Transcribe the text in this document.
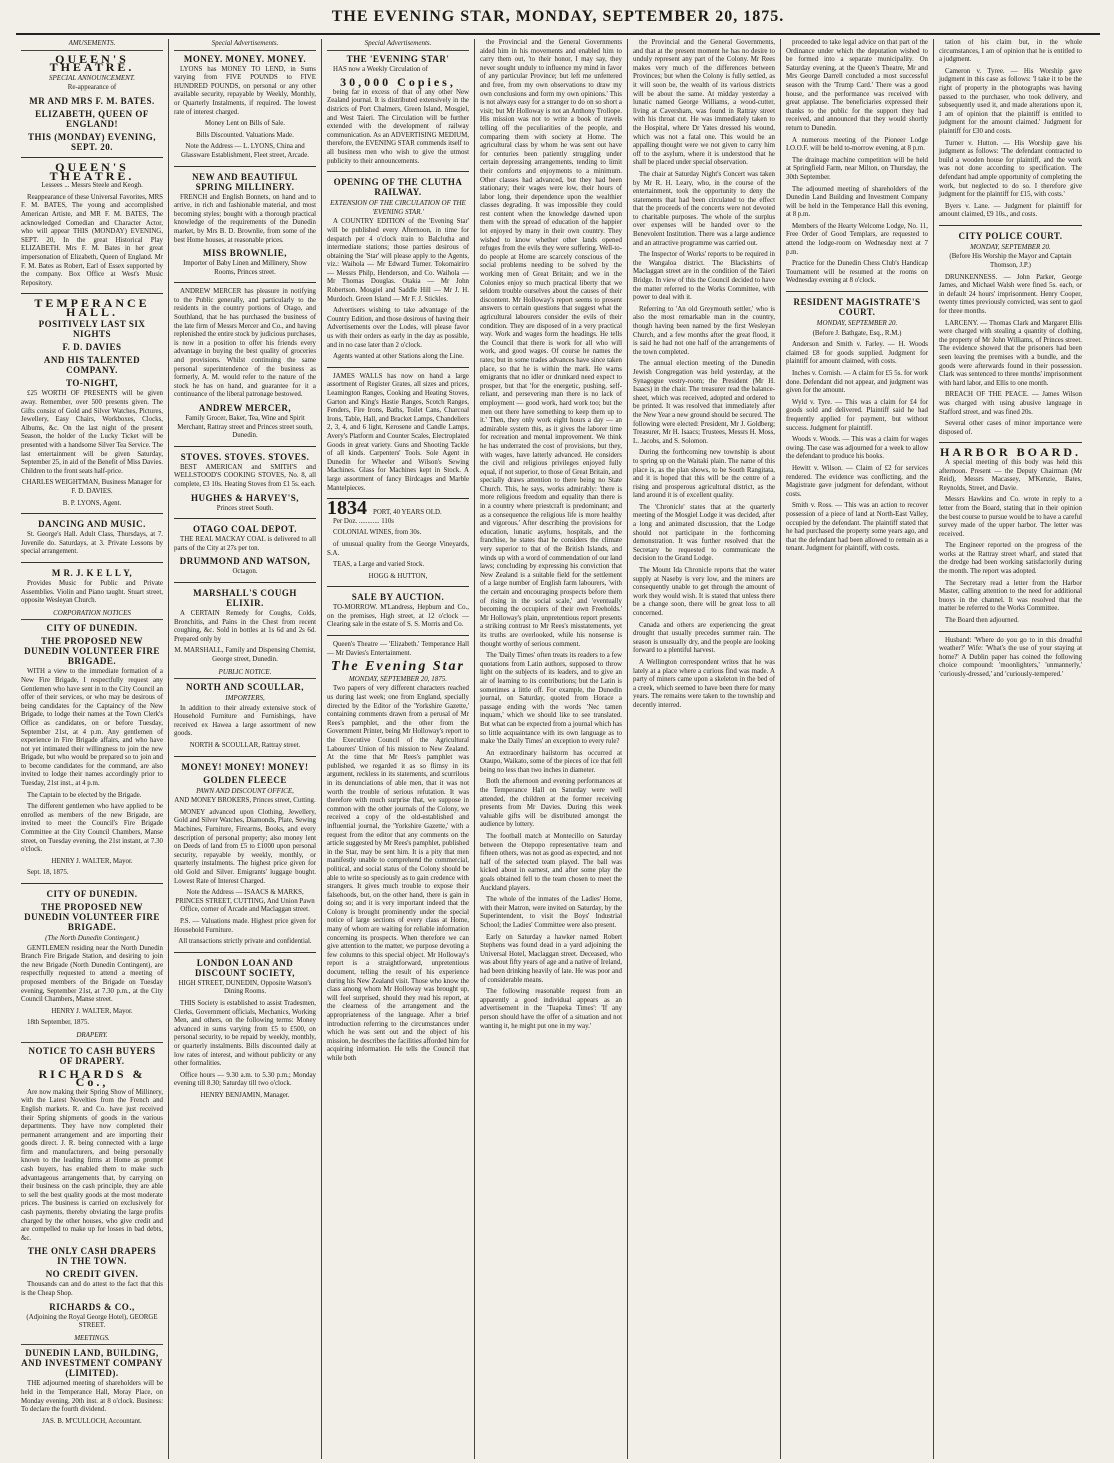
THE EVENING STAR, MONDAY, SEPTEMBER 20, 1875.
AMUSEMENTS.
QUEEN'S THEATRE.
SPECIAL ANNOUNCEMENT.

Re-appearance of

MR AND MRS F. M. BATES.
ELIZABETH, QUEEN OF ENGLAND!
THIS (MONDAY) EVENING, SEPT. 20.
QUEEN'S THEATRE.

Lessees ... Messrs Steele and Keogh.

Reappearance of these Universal Favorites, MRS F. M. BATES, The young and accomplished American Artiste, and MR F. M. BATES, The acknowledged Comedian and Character Actor, who will appear THIS (MONDAY) EVENING, SEPT. 20, In the great Historical Play ELIZABETH. Mrs F. M. Bates in her great impersonation of Elizabeth, Queen of England. Mr F. M. Bates as Robert, Earl of Essex supported by the company. Box Office at West's Music Repository.

TEMPERANCE HALL.
POSITIVELY LAST SIX NIGHTS
F. D. DAVIES
AND HIS TALENTED COMPANY.
TO-NIGHT,

£25 WORTH OF PRESENTS will be given away. Remember, over 500 presents given. The Gifts consist of Gold and Silver Watches, Pictures, Jewellery, Easy Chairs, Workboxes, Clocks, Albums, &c. On the last night of the present Season, the holder of the Lucky Ticket will be presented with a handsome Silver Tea Service. The last entertainment will be given Saturday, September 25, in aid of the Benefit of Miss Davies. Children to the front seats half-price.

CHARLES WEIGHTMAN, Business Manager for F. D. DAVIES.

B. P. LYONS, Agent.

DANCING AND MUSIC.

St. George's Hall. Adult Class, Thursdays, at 7. Juvenile do. Saturdays, at 3. Private Lessons by special arrangement.

M R. J. K E L L Y,

Provides Music for Public and Private Assemblies. Violin and Piano taught. Stuart street, opposite Wesleyan Church.

CORPORATION NOTICES
CITY OF DUNEDIN.
THE PROPOSED NEW DUNEDIN VOLUNTEER FIRE BRIGADE.

WITH a view to the immediate formation of a New Fire Brigade, I respectfully request any Gentlemen who have sent in to the City Council an offer of their services, or who may be desirous of being candidates for the Captaincy of the New Brigade, to lodge their names at the Town Clerk's Office as candidates, on or before Tuesday, September 21st, at 4 p.m. Any gentlemen of experience in Fire Brigade affairs, and who have not yet intimated their willingness to join the new Brigade, but who would be prepared so to join and to become candidates for the command, are also invited to lodge their names accordingly prior to Tuesday, 21st inst., at 4 p.m.

The Captain to be elected by the Brigade.

The different gentlemen who have applied to be enrolled as members of the new Brigade, are invited to meet the Council's Fire Brigade Committee at the City Council Chambers, Manse street, on Tuesday evening, the 21st instant, at 7.30 o'clock.

HENRY J. WALTER, Mayor.

Sept. 18, 1875.

CITY OF DUNEDIN.
THE PROPOSED NEW DUNEDIN VOLUNTEER FIRE BRIGADE.
(The North Dunedin Contingent.)

GENTLEMEN residing near the North Dunedin Branch Fire Brigade Station, and desiring to join the new Brigade (North Dunedin Contingent), are respectfully requested to attend a meeting of proposed members of the Brigade on Tuesday evening, September 21st, at 7.30 p.m., at the City Council Chambers, Manse street.

HENRY J. WALTER, Mayor.

18th September, 1875.

DRAPERY.
NOTICE TO CASH BUYERS OF DRAPERY.
RICHARDS & Co.,

Are now making their Spring Show of Millinery, with the Latest Novelties from the French and English markets. R. and Co. have just received their Spring shipments of goods in the various departments. They have now completed their permanent arrangement and are importing their goods direct. J. R. being connected with a large firm and manufacturers, and being personally known to the leading firms at Home as prompt cash buyers, has enabled them to make such advantageous arrangements that, by carrying on their business on the cash principle, they are able to sell the best quality goods at the most moderate prices. The business is carried on exclusively for cash payments, thereby obviating the large profits charged by the other houses, who give credit and are compelled to make up for losses in bad debts, &c.

THE ONLY CASH DRAPERS IN THE TOWN.
NO CREDIT GIVEN.

Thousands can and do attest to the fact that this is the Cheap Shop.

RICHARDS & CO.,

(Adjoining the Royal George Hotel), GEORGE STREET.

MEETINGS.
DUNEDIN LAND, BUILDING, AND INVESTMENT COMPANY (LIMITED).

THE adjourned meeting of shareholders will be held in the Temperance Hall, Moray Place, on Monday evening, 20th inst. at 8 o'clock. Business: To declare the fourth dividend.

JAS. B. M'CULLOCH, Accountant.

Special Advertisements.
MONEY. MONEY. MONEY.

LYONS has MONEY TO LEND, in Sums varying from FIVE POUNDS to FIVE HUNDRED POUNDS, on personal or any other available security, repayable by Weekly, Monthly, or Quarterly Instalments, if required. The lowest rate of interest charged.

Money Lent on Bills of Sale.

Bills Discounted. Valuations Made.

Note the Address — L. LYONS, China and Glassware Establishment, Fleet street, Arcade.

NEW AND BEAUTIFUL SPRING MILLINERY.

FRENCH and English Bonnets, on hand and to arrive, in rich and fashionable material, and most becoming styles; bought with a thorough practical knowledge of the requirements of the Dunedin market, by Mrs B. D. Brownlie, from some of the best Home houses, at reasonable prices.

MISS BROWNLIE,

Importer of Baby Linen and Millinery, Show Rooms, Princes street.

ANDREW MERCER has pleasure in notifying to the Public generally, and particularly to the residents in the country portions of Otago, and Southland, that he has purchased the business of the late firm of Messrs Mercer and Co., and having replenished the entire stock by judicious purchases, is now in a position to offer his friends every advantage in buying the best quality of groceries and provisions. Whilst continuing the same personal superintendence of the business as formerly, A. M. would refer to the nature of the stock he has on hand, and guarantee for it a continuance of the liberal patronage bestowed.

ANDREW MERCER,

Family Grocer, Baker, Tea, Wine and Spirit Merchant, Rattray street and Princes street south, Dunedin.

STOVES. STOVES. STOVES.

BEST AMERICAN and SMITH'S and WELLSTOOD'S COOKING STOVES, No. 8, all complete, £3 10s. Heating Stoves from £1 5s. each.

HUGHES & HARVEY'S,

Princes street South.

OTAGO COAL DEPOT.

THE REAL MACKAY COAL is delivered to all parts of the City at 27s per ton.

DRUMMOND AND WATSON,

Octagon.

MARSHALL'S COUGH ELIXIR.

A CERTAIN Remedy for Coughs, Colds, Bronchitis, and Pains in the Chest from recent coughing, &c. Sold in bottles at 1s 6d and 2s 6d. Prepared only by

M. MARSHALL, Family and Dispensing Chemist, George street, Dunedin.

PUBLIC NOTICE.
NORTH AND SCOULLAR,
IMPORTERS,

In addition to their already extensive stock of Household Furniture and Furnishings, have received ex Hawea a large assortment of new goods.

NORTH & SCOULLAR, Rattray street.

MONEY! MONEY! MONEY!
GOLDEN FLEECE
PAWN AND DISCOUNT OFFICE,

AND MONEY BROKERS, Princes street, Cutting.

MONEY advanced upon Clothing, Jewellery, Gold and Silver Watches, Diamonds, Plate, Sewing Machines, Furniture, Firearms, Books, and every description of personal property; also money lent on Deeds of land from £5 to £1000 upon personal security, repayable by weekly, monthly, or quarterly instalments. The highest price given for old Gold and Silver. Emigrants' luggage bought. Lowest Rate of Interest Charged.

Note the Address — ISAACS & MARKS, PRINCES STREET, CUTTING, And Union Pawn Office, corner of Arcade and Maclaggan street.

P.S. — Valuations made. Highest price given for Household Furniture.

All transactions strictly private and confidential.

LONDON LOAN AND DISCOUNT SOCIETY,

HIGH STREET, DUNEDIN, Opposite Watson's Dining Rooms.

THIS Society is established to assist Tradesmen, Clerks, Government officials, Mechanics, Working Men, and others, on the following terms: Money advanced in sums varying from £5 to £500, on personal security, to be repaid by weekly, monthly, or quarterly instalments. Bills discounted daily at low rates of interest, and without publicity or any other formalities.

Office hours — 9.30 a.m. to 5.30 p.m.; Monday evening till 8.30; Saturday till two o'clock.

HENRY BENJAMIN, Manager.

Special Advertisements.
THE 'EVENING STAR'

HAS now a Weekly Circulation of

30,000 Copies,

being far in excess of that of any other New Zealand journal. It is distributed extensively in the districts of Port Chalmers, Green Island, Mosgiel, and West Taieri. The Circulation will be further extended with the development of railway communication. As an ADVERTISING MEDIUM, therefore, the EVENING STAR commends itself to all business men who wish to give the utmost publicity to their announcements.

OPENING OF THE CLUTHA RAILWAY.
EXTENSION OF THE CIRCULATION OF THE 'EVENING STAR.'

A COUNTRY EDITION of the 'Evening Star' will be published every Afternoon, in time for despatch per 4 o'clock train to Balclutha and intermediate stations; those parties desirous of obtaining the 'Star' will please apply to the Agents, viz.: Waihola — Mr Edward Turner. Tokomairiro — Messrs Philp, Henderson, and Co. Waihola — Mr Thomas Douglas. Otakia — Mr John Robertson. Mosgiel and Saddle Hill — Mr J. H. Murdoch. Green Island — Mr F. J. Stickles.

Advertisers wishing to take advantage of the Country Edition, and those desirous of having their Advertisements over the Lodes, will please favor us with their orders as early in the day as possible, and in no case later than 2 o'clock.

Agents wanted at other Stations along the Line.

JAMES WALLS has now on hand a large assortment of Register Grates, all sizes and prices, Leamington Ranges, Cooking and Heating Stoves, Garton and King's Hastie Ranges, Scotch Ranges, Fenders, Fire Irons, Baths, Toilet Cans, Charcoal Irons, Table, Hall, and Bracket Lamps, Chandeliers 2, 3, 4, and 6 light, Kerosene and Candle Lamps, Avery's Platform and Counter Scales, Electroplated Goods in great variety. Guns and Shooting Tackle of all kinds. Carpenters' Tools. Sole Agent in Dunedin for Wheeler and Wilson's Sewing Machines. Glass for Machines kept in Stock. A large assortment of fancy Birdcages and Marble Mantelpieces.

1834 PORT, 40 YEARS OLD.

Per Doz. ............ 110s

COLONIAL WINES, from 30s.

of unusual quality from the George Vineyards, S.A.

TEAS, a Large and varied Stock.

HOGG & HUTTON,

SALE BY AUCTION.

TO-MORROW. M'Landress, Hepburn and Co., on the premises, High street, at 12 o'clock — Clearing sale in the estate of S. S. Morris and Co.

Queen's Theatre — 'Elizabeth.' Temperance Hall — Mr Davies's Entertainment.

The Evening Star
MONDAY, SEPTEMBER 20, 1875.

Two papers of very different characters reached us during last week; one from England, specially directed by the Editor of the 'Yorkshire Gazette,' containing comments drawn from a perusal of Mr Rees's pamphlet, and the other from the Government Printer, being Mr Holloway's report to the Executive Council of the Agricultural Labourers' Union of his mission to New Zealand. At the time that Mr Rees's pamphlet was published, we regarded it as so flimsy in its argument, reckless in its statements, and scurrilous in its denunciations of able men, that it was not worth the trouble of serious refutation. It was therefore with much surprise that, we suppose in common with the other journals of the Colony, we received a copy of the old-established and influential journal, the 'Yorkshire Gazette,' with a request from the editor that any comments on the article suggested by Mr Rees's pamphlet, published in the Star, may be sent him. It is a pity that men manifestly unable to comprehend the commercial, political, and social status of the Colony should be able to write so speciously as to gain credence with strangers. It gives much trouble to expose their falsehoods, but, on the other hand, there is gain in doing so; and it is very important indeed that the Colony is brought prominently under the special notice of large sections of every class at Home, many of whom are waiting for reliable information concerning its prospects. When therefore we can give attention to the matter, we purpose devoting a few columns to this special object. Mr Holloway's report is a straightforward, unpretentious document, telling the result of his experience during his New Zealand visit. Those who know the class among whom Mr Holloway was brought up, will feel surprised, should they read his report, at the clearness of the arrangement and the appropriateness of the language. After a brief introduction referring to the circumstances under which he was sent out and the object of his mission, he describes the facilities afforded him for acquiring information. He tells the Council that while both

the Provincial and the General Governments aided him in his movements and enabled him to carry them out, 'to their honor, I may say, they never sought unduly to influence my mind in favor of any particular Province; but left me unfettered and free, from my own observations to draw my own conclusions and form my own opinions.' This is not always easy for a stranger to do on so short a visit; but Mr Holloway is not an Anthony Trollope. His mission was not to write a book of travels telling off the peculiarities of the people, and comparing them with society at Home. The agricultural class by whom he was sent out have for centuries been patiently struggling under certain depressing arrangements, tending to limit their comforts and enjoyments to a minimum. Other classes had advanced, but they had been stationary; their wages were low, their hours of labor long, their dependence upon the wealthier classes degrading. It was impossible they could rest content when the knowledge dawned upon them with the spread of education of the happier lot enjoyed by many in their own country. They wished to know whether other lands opened refuges from the evils they were suffering. Well-to-do people at Home are scarcely conscious of the social problems needing to be solved by the working men of Great Britain; and we in the Colonies enjoy so much practical liberty that we seldom trouble ourselves about the causes of their discontent. Mr Holloway's report seems to present answers to certain questions that suggest what the agricultural labourers consider the evils of their condition. They are disposed of in a very practical way. Work and wages form the headings. He tells the Council that there is work for all who will work, and good wages. Of course he names the rates; but in some trades advances have since taken place, so that he is within the mark. He warns emigrants that no idler or drunkard need expect to prosper, but that 'for the energetic, pushing, self-reliant, and persevering man there is no lack of employment — good work, hard work too; but the men out there have something to keep them up to it.' Then, they only work eight hours a day — an admirable system this, as it gives the laborer time for recreation and mental improvement. We think he has underrated the cost of provisions, but they, with wages, have latterly advanced. He considers the civil and religious privileges enjoyed fully equal, if not superior, to those of Great Britain, and specially draws attention to there being no State Church. This, he says, works admirably: 'there is more religious freedom and equality than there is in a country where priestcraft is predominant; and as a consequence the religious life is more healthy and vigorous.' After describing the provisions for education, lunatic asylums, hospitals, and the franchise, he states that he considers the climate very superior to that of the British Islands, and winds up with a word of commendation of our land laws; concluding by expressing his conviction that New Zealand is a suitable field for the settlement of a large number of English farm labourers, 'with the certain and encouraging prospects before them of rising in the social scale,' and 'eventually becoming the occupiers of their own Freeholds.' Mr Holloway's plain, unpretentious report presents a striking contrast to Mr Rees's misstatements, yet its truths are overlooked, while his nonsense is thought worthy of serious comment.

The 'Daily Times' often treats its readers to a few quotations from Latin authors, supposed to throw light on the subjects of its leaders, and to give an air of learning to its contributions; but the Latin is sometimes a little off. For example, the Dunedin journal, on Saturday, quoted from Horace a passage ending with the words 'Nec tamen inquam,' which we should like to see translated. But what can be expected from a journal which has so little acquaintance with its own language as to make 'the Daily Times' an exception to every rule?

An extraordinary hailstorm has occurred at Otaupo, Waikato, some of the pieces of ice that fell being no less than two inches in diameter.

Both the afternoon and evening performances at the Temperance Hall on Saturday were well attended, the children at the former receiving presents from Mr Davies. During this week valuable gifts will be distributed amongst the audience by lottery.

The football match at Montecillo on Saturday between the Otepopo representative team and fifteen others, was not as good as expected, and not half of the selected team played. The ball was kicked about in earnest, and after some play the goals obtained fell to the team chosen to meet the Auckland players.

The whole of the inmates of the Ladies' Home, with their Matron, were invited on Saturday, by the Superintendent, to visit the Boys' Industrial School; the Ladies' Committee were also present.

Early on Saturday a hawker named Robert Stephens was found dead in a yard adjoining the Universal Hotel, Maclaggan street. Deceased, who was about fifty years of age and a native of Ireland, had been drinking heavily of late. He was poor and of considerable means.

The following reasonable request from an apparently a good individual appears as an advertisement in the 'Tuapeka Times': 'If any person should have the offer of a situation and not wanting it, he might put one in my way.'

the Provincial and the General Governments, and that at the present moment he has no desire to unduly represent any part of the Colony. Mr Rees makes very much of the differences between Provinces; but when the Colony is fully settled, as it will soon be, the wealth of its various districts will be about the same. At midday yesterday a lunatic named George Williams, a wood-cutter, living at Caversham, was found in Rattray street with his throat cut. He was immediately taken to the Hospital, where Dr Yates dressed his wound, which was not a fatal one. This would be an appalling thought were we not given to carry him off to the asylum, where it is understood that he shall be placed under special observation.

The chair at Saturday Night's Concert was taken by Mr R. H. Leary, who, in the course of the entertainment, took the opportunity to deny the statements that had been circulated to the effect that the proceeds of the concerts were not devoted to charitable purposes. The whole of the surplus over expenses will be handed over to the Benevolent Institution. There was a large audience and an attractive programme was carried out.

The Inspector of Works' reports to be required in the Wangaloa district. The Blackshirts of Maclaggan street are in the condition of the Taieri Bridge. In view of this the Council decided to have the matter referred to the Works Committee, with power to deal with it.

Referring to 'An old Greymouth settler,' who is also the most remarkable man in the country, though having been named by the first Wesleyan Church, and a few months after the great flood, it is said he had not one half of the arrangements of the town completed.

The annual election meeting of the Dunedin Jewish Congregation was held yesterday, at the Synagogue vestry-room; the President (Mr H. Isaacs) in the chair. The treasurer read the balance-sheet, which was received, adopted and ordered to be printed. It was resolved that immediately after the New Year a new ground should be secured. The following were elected: President, Mr J. Goldberg; Treasurer, Mr H. Isaacs; Trustees, Messrs H. Moss, L. Jacobs, and S. Solomon.

During the forthcoming new township is about to spring up on the Waitaki plain. The name of this place is, as the plan shows, to be South Rangitata, and it is hoped that this will be the centre of a rising and prosperous agricultural district, as the land around it is of excellent quality.

The 'Chronicle' states that at the quarterly meeting of the Mosgiel Lodge it was decided, after a long and animated discussion, that the Lodge should not participate in the forthcoming demonstration. It was further resolved that the Secretary be requested to communicate the decision to the Grand Lodge.

The Mount Ida Chronicle reports that the water supply at Naseby is very low, and the miners are consequently unable to get through the amount of work they would wish. It is stated that unless there be a change soon, there will be great loss to all concerned.

Canada and others are experiencing the great drought that usually precedes summer rain. The season is unusually dry, and the people are looking forward to a plentiful harvest.

A Wellington correspondent writes that he was lately at a place where a curious find was made. A party of miners came upon a skeleton in the bed of a creek, which seemed to have been there for many years. The remains were taken to the township and decently interred.

proceeded to take legal advice on that part of the Ordinance under which the deputation wished to be formed into a separate municipality. On Saturday evening, at the Queen's Theatre, Mr and Mrs George Darrell concluded a most successful season with the 'Trump Card.' There was a good house, and the performance was received with great applause. The beneficiaries expressed their thanks to the public for the support they had received, and announced that they would shortly return to Dunedin.

A numerous meeting of the Pioneer Lodge I.O.O.F. will be held to-morrow evening, at 8 p.m.

The drainage machine competition will be held at Springfield Farm, near Milton, on Thursday, the 30th September.

The adjourned meeting of shareholders of the Dunedin Land Building and Investment Company will be held in the Temperance Hall this evening, at 8 p.m.

Members of the Hearty Welcome Lodge, No. 11, Free Order of Good Templars, are requested to attend the lodge-room on Wednesday next at 7 p.m.

Practice for the Dunedin Chess Club's Handicap Tournament will be resumed at the rooms on Wednesday evening at 8 o'clock.

RESIDENT MAGISTRATE'S COURT.
MONDAY, SEPTEMBER 20.

(Before J. Bathgate, Esq., R.M.)

Anderson and Smith v. Farley. — H. Woods claimed £8 for goods supplied. Judgment for plaintiff for amount claimed, with costs.

Inches v. Cornish. — A claim for £5 5s. for work done. Defendant did not appear, and judgment was given for the amount.

Wyld v. Tyre. — This was a claim for £4 for goods sold and delivered. Plaintiff said he had frequently applied for payment, but without success. Judgment for plaintiff.

Woods v. Woods. — This was a claim for wages owing. The case was adjourned for a week to allow the defendant to produce his books.

Hewitt v. Wilson. — Claim of £2 for services rendered. The evidence was conflicting, and the Magistrate gave judgment for defendant, without costs.

Smith v. Ross. — This was an action to recover possession of a piece of land at North-East Valley, occupied by the defendant. The plaintiff stated that he had purchased the property some years ago, and that the defendant had been allowed to remain as a tenant. Judgment for plaintiff, with costs.

tation of his claim but, in the whole circumstances, I am of opinion that he is entitled to a judgment.

Cameron v. Tyree. — His Worship gave judgment in this case as follows: 'I take it to be the right of property in the photographs was having passed to the purchaser, who took delivery, and subsequently used it, and made alterations upon it, I am of opinion that the plaintiff is entitled to judgment for the amount claimed.' Judgment for plaintiff for £30 and costs.

Turner v. Hutton. — His Worship gave his judgment as follows: 'The defendant contracted to build a wooden house for plaintiff, and the work was not done according to specification. The defendant had ample opportunity of completing the work, but neglected to do so. I therefore give judgment for the plaintiff for £15, with costs.'

Byers v. Lane. — Judgment for plaintiff for amount claimed, £9 10s., and costs.

CITY POLICE COURT.
MONDAY, SEPTEMBER 20.

(Before His Worship the Mayor and Captain Thomson, J.P.)

DRUNKENNESS. — John Parker, George James, and Michael Walsh were fined 5s. each, or in default 24 hours' imprisonment. Henry Cooper, twenty times previously convicted, was sent to gaol for three months.

LARCENY. — Thomas Clark and Margaret Ellis were charged with stealing a quantity of clothing, the property of Mr John Williams, of Princes street. The evidence showed that the prisoners had been seen leaving the premises with a bundle, and the goods were afterwards found in their possession. Clark was sentenced to three months' imprisonment with hard labor, and Ellis to one month.

BREACH OF THE PEACE. — James Wilson was charged with using abusive language in Stafford street, and was fined 20s.

Several other cases of minor importance were disposed of.

HARBOR BOARD.

A special meeting of this body was held this afternoon. Present — the Deputy Chairman (Mr Reid), Messrs Macassey, M'Kenzie, Bates, Reynolds, Street, and Davie.

Messrs Hawkins and Co. wrote in reply to a letter from the Board, stating that in their opinion the best course to pursue would be to have a careful survey made of the upper harbor. The letter was received.

The Engineer reported on the progress of the works at the Rattray street wharf, and stated that the dredge had been working satisfactorily during the month. The report was adopted.

The Secretary read a letter from the Harbor Master, calling attention to the need for additional buoys in the channel. It was resolved that the matter be referred to the Works Committee.

The Board then adjourned.

Husband: 'Where do you go to in this dreadful weather?' Wife: 'What's the use of your staying at home?' A Dublin paper has coined the following choice compound: 'moonlighters,' 'unmannerly,' 'curiously-dressed,' and 'curiously-tempered.'
